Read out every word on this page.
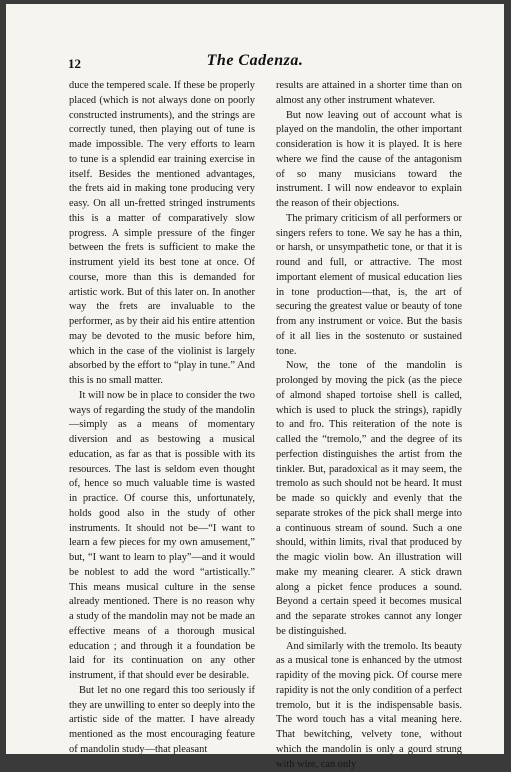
12	The Cadenza.

duce the tempered scale. If these be properly placed (which is not always done on poorly constructed instruments), and the strings are correctly tuned, then playing out of tune is made impossible. The very efforts to learn to tune is a splendid ear training exercise in itself. Besides the mentioned advantages, the frets aid in making tone producing very easy. On all un-fretted stringed instruments this is a matter of comparatively slow progress. A simple pressure of the finger between the frets is sufficient to make the instrument yield its best tone at once. Of course, more than this is demanded for artistic work. But of this later on. In another way the frets are invaluable to the performer, as by their aid his entire attention may be devoted to the music before him, which in the case of the violinist is largely absorbed by the effort to “play in tune.” And this is no small matter.

It will now be in place to consider the two ways of regarding the study of the mandolin—simply as a means of momentary diversion and as bestowing a musical education, as far as that is possible with its resources. The last is seldom even thought of, hence so much valuable time is wasted in practice. Of course this, unfortunately, holds good also in the study of other instruments. It should not be—“I want to learn a few pieces for my own amusement,” but, “I want to learn to play”—and it would be noblest to add the word “artistically.” This means musical culture in the sense already mentioned. There is no reason why a study of the mandolin may not be made an effective means of a thorough musical education ; and through it a foundation be laid for its continuation on any other instrument, if that should ever be desirable.

But let no one regard this too seriously if they are unwilling to enter so deeply into the artistic side of the matter. I have already mentioned as the most encouraging feature of mandolin study—that pleasant

results are attained in a shorter time than on almost any other instrument whatever.

But now leaving out of account what is played on the mandolin, the other important consideration is how it is played. It is here where we find the cause of the antagonism of so many musicians toward the instrument. I will now endeavor to explain the reason of their objections.

The primary criticism of all performers or singers refers to tone. We say he has a thin, or harsh, or unsympathetic tone, or that it is round and full, or attractive. The most important element of musical education lies in tone production—that, is, the art of securing the greatest value or beauty of tone from any instrument or voice. But the basis of it all lies in the sostenuto or sustained tone.

Now, the tone of the mandolin is prolonged by moving the pick (as the piece of almond shaped tortoise shell is called, which is used to pluck the strings), rapidly to and fro. This reiteration of the note is called the “tremolo,” and the degree of its perfection distinguishes the artist from the tinkler. But, paradoxical as it may seem, the tremolo as such should not be heard. It must be made so quickly and evenly that the separate strokes of the pick shall merge into a continuous stream of sound. Such a one should, within limits, rival that produced by the magic violin bow. An illustration will make my meaning clearer. A stick drawn along a picket fence produces a sound. Beyond a certain speed it becomes musical and the separate strokes cannot any longer be distinguished.

And similarly with the tremolo. Its beauty as a musical tone is enhanced by the utmost rapidity of the moving pick. Of course mere rapidity is not the only condition of a perfect tremolo, but it is the indispensable basis. The word touch has a vital meaning here. That bewitching, velvety tone, without which the mandolin is only a gourd strung with wire, can only
